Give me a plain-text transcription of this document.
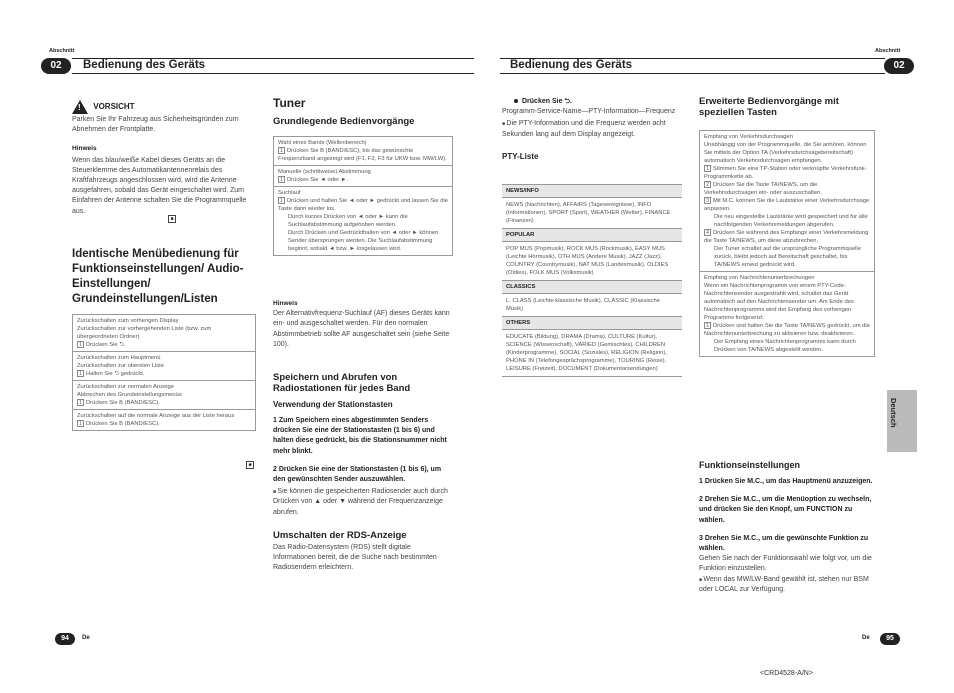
Abschnitt	Abschnitt
02	Bedienung des Geräts	Bedienung des Geräts	02
! VORSICHT

Parken Sie Ihr Fahrzeug aus Sicherheitsgründen zum Abnehmen der Frontplatte.

Hinweis

Wenn das blau/weiße Kabel dieses Geräts an die Steuerklemme des Automatikantennenrelais des Kraftfahrzeugs angeschlossen wird, wird die Antenne ausgefahren, sobald das Gerät eingeschaltet wird. Zum Einfahren der Antenne schalten Sie die Programmquelle aus.

■
Identische Menübedienung für Funktionseinstellungen/ Audio-Einstellungen/ Grundeinstellungen/Listen
Zurückschalten zum vorherigen Display
Zurückschalten zur vorhergehenden Liste (bzw. zum übergeordneten Ordner)
1 Drücken Sie ⮌.
Zurückschalten zum Hauptmenü
Zurückschalten zur obersten Liste
1 Halten Sie ⮌ gedrückt.
Zurückschalten zur normalen Anzeige
Abbrechen des Grundeinstellungsmenüs
1 Drücken Sie B (BAND/ESC).
Zurückschalten auf die normale Anzeige aus der Liste heraus
1 Drücken Sie B (BAND/ESC).
■
Tuner
Grundlegende Bedienvorgänge
Wahl eines Bands (Wellenbereich)
1 Drücken Sie B (BAND/ESC), bis das gewünschte Frequenzband angezeigt wird (F1, F2, F3 für UKW bzw. MW/LW).
Manuelle (schrittweise) Abstimmung
1 Drücken Sie ◄ oder ►.
Suchlauf
1 Drücken und halten Sie ◄ oder ► gedrückt und lassen Sie die Taste dann wieder los.
Durch kurzes Drücken von ◄ oder ► kann die Suchlaufabstimmung aufgehoben werden.
Durch Drücken und Gedrückthalten von ◄ oder ► können Sender übersprungen werden. Die Suchlaufabstimmung beginnt, sobald ◄ bzw. ► losgelassen wird.

Hinweis

Der Alternativfrequenz-Suchlauf (AF) dieses Geräts kann ein- und ausgeschaltet werden. Für den normalen Abstimmbetrieb sollte AF ausgeschaltet sein (siehe Seite 100).

Speichern und Abrufen von Radiostationen für jedes Band
Verwendung der Stationstasten

1 Zum Speichern eines abgestimmten Senders drücken Sie eine der Stationstasten (1 bis 6) und halten diese gedrückt, bis die Stationsnummer nicht mehr blinkt.

2 Drücken Sie eine der Stationstasten (1 bis 6), um den gewünschten Sender auszuwählen.

■ Sie können die gespeicherten Radiosender auch durch Drücken von ▲ oder ▼ während der Frequenzanzeige abrufen.

Umschalten der RDS-Anzeige

Das Radio-Datensystem (RDS) stellt digitale Informationen bereit, die die Suche nach bestimmten Radiosendern erleichtern.

Drücken Sie ⮌.

Programm-Service-Name—PTY-Information—Frequenz

■ Die PTY-Information und die Frequenz werden acht Sekunden lang auf dem Display angezeigt.

PTY-Liste
NEWS/INFO
NEWS (Nachrichten), AFFAIRS (Tagesereignisse), INFO (Informationen), SPORT (Sport), WEATHER (Wetter), FINANCE (Finanzen)
POPULAR
POP MUS (Popmusik), ROCK MUS (Rockmusik), EASY MUS (Leichte Hörmusik), OTH MUS (Andere Musik), JAZZ (Jazz), COUNTRY (Countrymusik), NAT MUS (Landesmusik), OLDIES (Oldies), FOLK MUS (Volksmusik)
CLASSICS
L. CLASS (Leichte klassische Musik), CLASSIC (Klassische Musik)
OTHERS
EDUCATE (Bildung), DRAMA (Drama), CULTURE (Kultur), SCIENCE (Wissenschaft), VARIED (Gemischtes), CHILDREN (Kinderprogramme), SOCIAL (Soziales), RELIGION (Religion), PHONE IN (Telefongesprächsprogramme), TOURING (Reise), LEISURE (Freizeit), DOCUMENT (Dokumentarsendungen)
Erweiterte Bedienvorgänge mit speziellen Tasten
Empfang von Verkehrsdurchsagen
Unabhängig von der Programmquelle, die Sie anhören, können Sie mittels der Option TA (Verkehrsdurchsagebereitschaft) automatisch Verkehrsdurchsagen empfangen.
1 Stimmen Sie eine TP-Station oder verknüpfte Verkehrsfunk-Programmkette ab.
2 Drücken Sie die Taste TA/NEWS, um die Verkehrsdurchsagen ein- oder auszuschalten.
3 Mit M.C. können Sie die Lautstärke einer Verkehrsdurchsage anpassen.
Die neu eingestellte Lautstärke wird gespeichert und für alle nachfolgenden Verkehrsmeldungen abgerufen.
4 Drücken Sie während des Empfangs einer Verkehrsmeldung die Taste TA/NEWS, um diese abzubrechen.
Der Tuner schaltet auf die ursprüngliche Programmquelle zurück, bleibt jedoch auf Bereitschaft geschaltet, bis TA/NEWS erneut gedrückt wird.
Empfang von Nachrichtenunterbrechungen
Wenn ein Nachrichtenprogramm von einem PTY-Code-Nachrichtensender ausgestrahlt wird, schaltet das Gerät automatisch auf den Nachrichtensender um. Am Ende des Nachrichtenprogramms wird der Empfang des vorherigen Programms fortgesetzt.
1 Drücken und halten Sie die Taste TA/NEWS gedrückt, um die Nachrichtenunterbrechung zu aktivieren bzw. deaktivieren.
Der Empfang eines Nachrichtenprogramms kann durch Drücken von TA/NEWS abgestellt werden.
Funktionseinstellungen

1 Drücken Sie M.C., um das Hauptmenü anzuzeigen.

2 Drehen Sie M.C., um die Menüoption zu wechseln, und drücken Sie den Knopf, um FUNCTION zu wählen.

3 Drehen Sie M.C., um die gewünschte Funktion zu wählen.

Gehen Sie nach der Funktionswahl wie folgt vor, um die Funktion einzustellen.

■ Wenn das MW/LW-Band gewählt ist, stehen nur BSM oder LOCAL zur Verfügung.

Deutsch
94	De	De	95
<CRD4528-A/N>
